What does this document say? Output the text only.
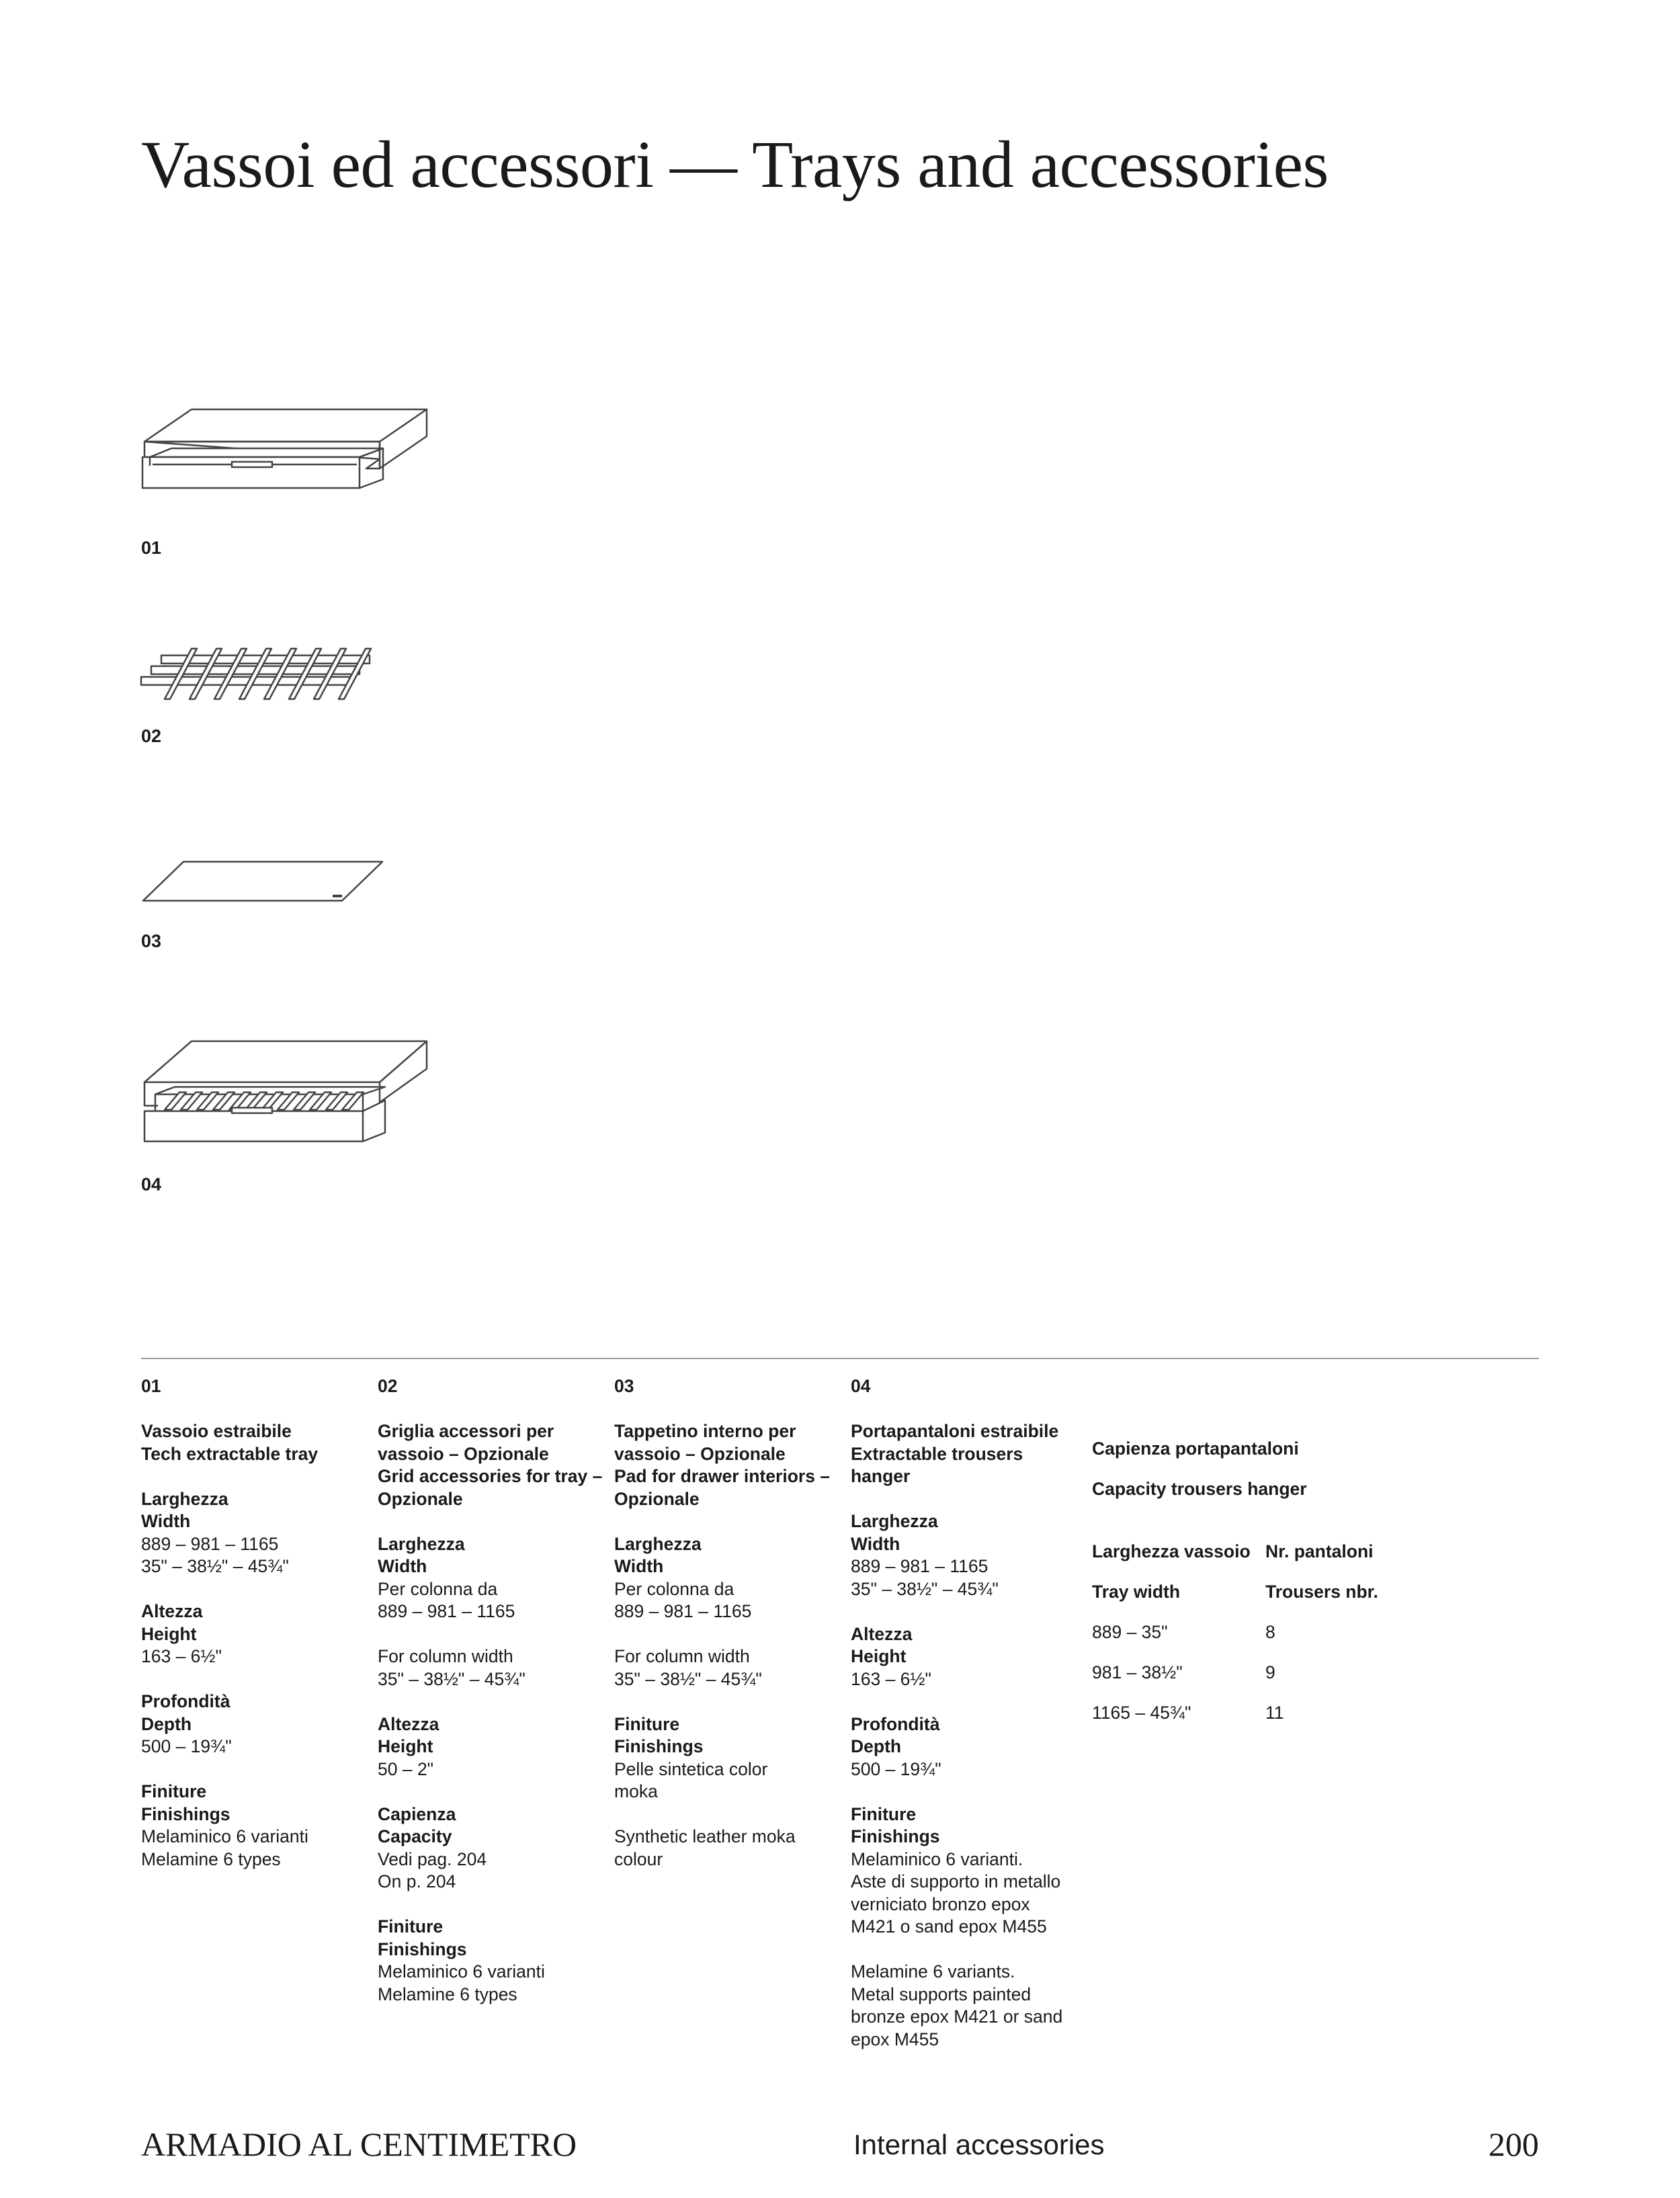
Vassoi ed accessori — Trays and accessories
01
02
03
04

01

Vassoio estraibile

Tech extractable tray

Larghezza

Width

889 – 981 – 1165

35" – 38½" – 45¾"

Altezza

Height

163 – 6½"

Profondità

Depth

500 – 19¾"

Finiture

Finishings

Melaminico 6 varianti

Melamine 6 types

02

Griglia accessori per

vassoio – Opzionale

Grid accessories for tray –

Opzionale

Larghezza

Width

Per colonna da

889 – 981 – 1165

For column width

35" – 38½" – 45¾"

Altezza

Height

50 – 2"

Capienza

Capacity

Vedi pag. 204

On p. 204

Finiture

Finishings

Melaminico 6 varianti

Melamine 6 types

03

Tappetino interno per

vassoio – Opzionale

Pad for drawer interiors –

Opzionale

Larghezza

Width

Per colonna da

889 – 981 – 1165

For column width

35" – 38½" – 45¾"

Finiture

Finishings

Pelle sintetica color

moka

Synthetic leather moka

colour

04

Portapantaloni estraibile

Extractable trousers

hanger

Larghezza

Width

889 – 981 – 1165

35" – 38½" – 45¾"

Altezza

Height

163 – 6½"

Profondità

Depth

500 – 19¾"

Finiture

Finishings

Melaminico 6 varianti.

Aste di supporto in metallo

verniciato bronzo epox

M421 o sand epox M455

Melamine 6 variants.

Metal supports painted

bronze epox M421 or sand

epox M455

Capienza portapantaloni

Capacity trousers hanger

Larghezza vassoio

Tray width

889 – 35"

981 – 38½"

1165 – 45¾"

Nr. pantaloni

Trousers nbr.

8

9

11

ARMADIO AL CENTIMETRO	Internal accessories	200
